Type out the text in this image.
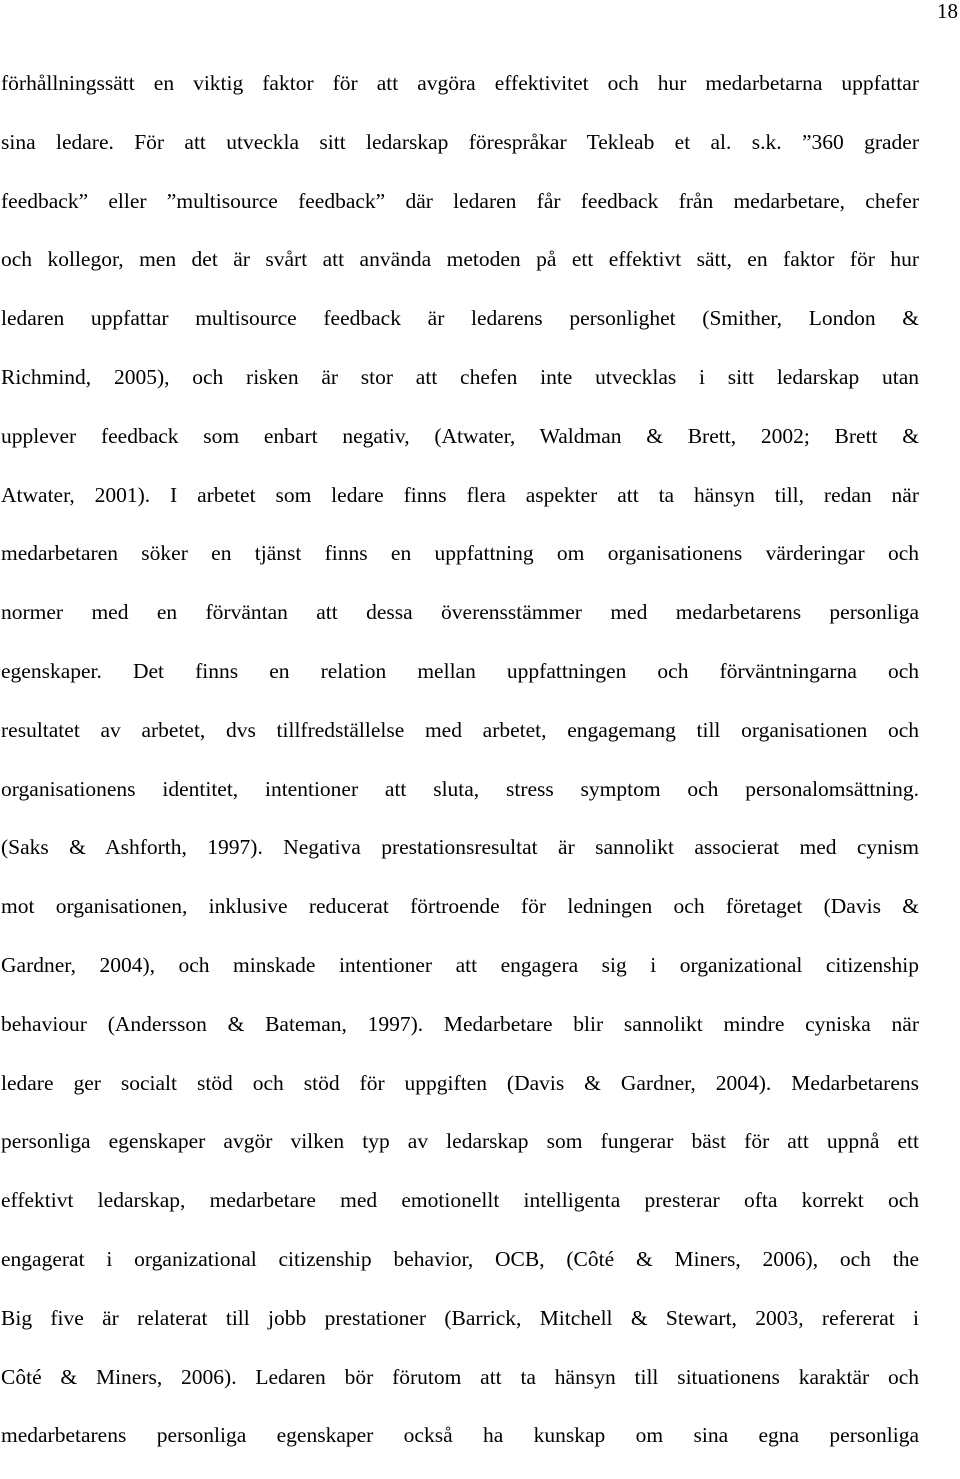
18
förhållningssätt en viktig faktor för att avgöra effektivitet och hur medarbetarna uppfattar
sina ledare. För att utveckla sitt ledarskap förespråkar Tekleab et al. s.k. ”360 grader
feedback” eller ”multisource feedback” där ledaren får feedback från medarbetare, chefer
och kollegor, men det är svårt att använda metoden på ett effektivt sätt, en faktor för hur
ledaren uppfattar multisource feedback är ledarens personlighet (Smither, London &
Richmind, 2005), och risken är stor att chefen inte utvecklas i sitt ledarskap utan
upplever feedback som enbart negativ, (Atwater, Waldman & Brett, 2002; Brett &
Atwater, 2001). I arbetet som ledare finns flera aspekter att ta hänsyn till, redan när
medarbetaren söker en tjänst finns en uppfattning om organisationens värderingar och
normer med en förväntan att dessa överensstämmer med medarbetarens personliga
egenskaper. Det finns en relation mellan uppfattningen och förväntningarna och
resultatet av arbetet, dvs tillfredställelse med arbetet, engagemang till organisationen och
organisationens identitet, intentioner att sluta, stress symptom och personalomsättning.
(Saks & Ashforth, 1997). Negativa prestationsresultat är sannolikt associerat med cynism
mot organisationen, inklusive reducerat förtroende för ledningen och företaget (Davis &
Gardner, 2004), och minskade intentioner att engagera sig i organizational citizenship
behaviour (Andersson & Bateman, 1997). Medarbetare blir sannolikt mindre cyniska när
ledare ger socialt stöd och stöd för uppgiften (Davis & Gardner, 2004). Medarbetarens
personliga egenskaper avgör vilken typ av ledarskap som fungerar bäst för att uppnå ett
effektivt ledarskap, medarbetare med emotionellt intelligenta presterar ofta korrekt och
engagerat i organizational citizenship behavior, OCB, (Côté & Miners, 2006), och the
Big five är relaterat till jobb prestationer (Barrick, Mitchell & Stewart, 2003, refererat i
Côté & Miners, 2006). Ledaren bör förutom att ta hänsyn till situationens karaktär och
medarbetarens personliga egenskaper också ha kunskap om sina egna personliga
